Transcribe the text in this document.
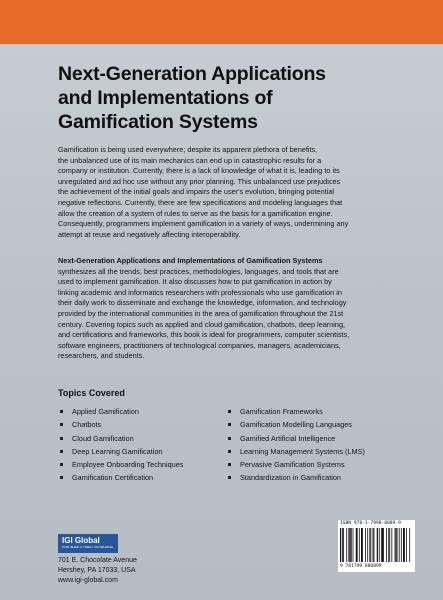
Next-Generation Applications
and Implementations of
Gamification Systems
Gamification is being used everywhere; despite its apparent plethora of benefits,
the unbalanced use of its main mechanics can end up in catastrophic results for a
company or institution. Currently, there is a lack of knowledge of what it is, leading to its
unregulated and ad hoc use without any prior planning. This unbalanced use prejudices
the achievement of the initial goals and impairs the user's evolution, bringing potential
negative reflections. Currently, there are few specifications and modeling languages that
allow the creation of a system of rules to serve as the basis for a gamification engine.
Consequently, programmers implement gamification in a variety of ways, undermining any
attempt at reuse and negatively affecting interoperability.
Next-Generation Applications and Implementations of Gamification Systems
synthesizes all the trends, best practices, methodologies, languages, and tools that are
used to implement gamification. It also discusses how to put gamification in action by
linking academic and informatics researchers with professionals who use gamification in
their daily work to disseminate and exchange the knowledge, information, and technology
provided by the international communities in the area of gamification throughout the 21st
century. Covering topics such as applied and cloud gamification, chatbots, deep learning,
and certifications and frameworks, this book is ideal for programmers, computer scientists,
software engineers, practitioners of technological companies, managers, academicians,
researchers, and students.
Topics Covered
Applied Gamification
Chatbots
Cloud Gamification
Deep Learning Gamification
Employee Onboarding Techniques
Gamification Certification
Gamification Frameworks
Gamification Modelling Languages
Gamified Artificial Intelligence
Learning Management Systems (LMS)
Pervasive Gamification Systems
Standardization in Gamification
IGI Global
PUBLISHER of TIMELY KNOWLEDGE
701 E. Chocolate Avenue
Hershey, PA 17033, USA
www.igi-global.com
ISBN 978-1-7998-8089-9
9 781799 880899
